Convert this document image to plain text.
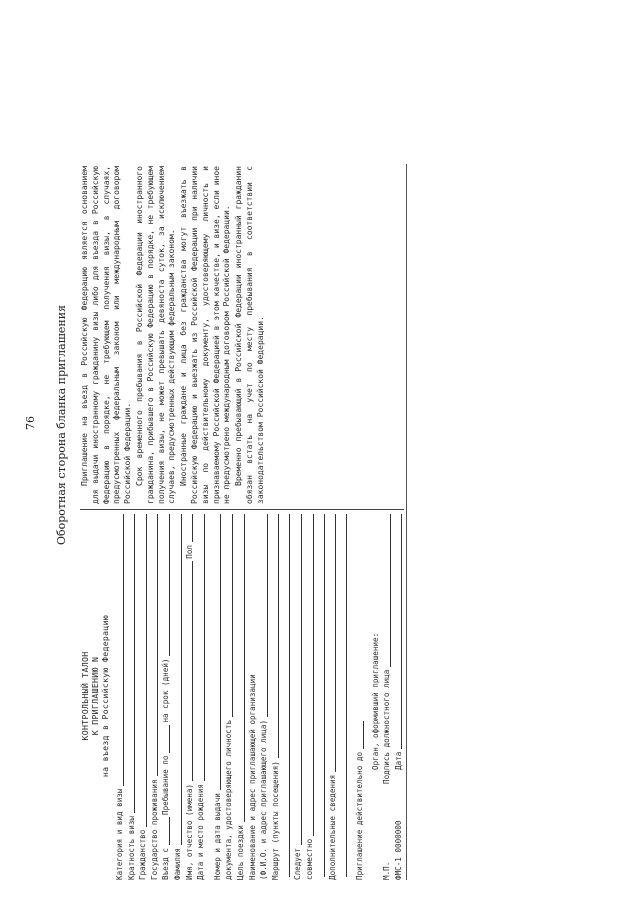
76 Оборотная сторона бланка приглашения
КОНТРОЛЬНЫЙ ТАЛОН К ПРИГЛАШЕНИЮ N на въезд в Российскую Федерацию
Категория и вид визы Кратность визы Гражданство Государство проживания Въезд с
Пребывание по
на срок (дней)
Фамилия Имя, отчество (имена)
Пол
Дата и место рождения Номер и дата выдачи документа, удостоверяющего личность Цель поездки Наименование и адрес приглашающей организации (Ф.И.О. и адрес приглашающего лица) Маршрут (пункты посещения) Следует совместно Дополнительные сведения Приглашение действительно до
Орган, оформивший приглашение:
М.П.
Подпись должностного лица
ФМС-1 0000000
Дата

Приглашение на въезд в Российскую Федерацию является основанием для выдачи иностранному гражданину визы либо для въезда в Российскую Федерацию в порядке, не требующем получения визы, в случаях, предусмотренных федеральным законом или международным договором Российской Федерации. Срок временного пребывания в Российской Федерации иностранного гражданина, прибывшего в Российскую Федерацию в порядке, не требующем получения визы, не может превышать девяноста суток, за исключением случаев, предусмотренных действующим федеральным законом. Иностранные граждане и лица без гражданства могут въезжать в Российскую Федерацию и выезжать из Российской Федерации при наличии визы по действительному документу, удостоверяющему личность и признаваемому Российской Федерацией в этом качестве, и визе, если иное не предусмотрено международным договором Российской Федерации. Временно пребывающий в Российской Федерации иностранный гражданин обязан встать на учет по месту пребывания в соответствии с законодательством Российской Федерации.
